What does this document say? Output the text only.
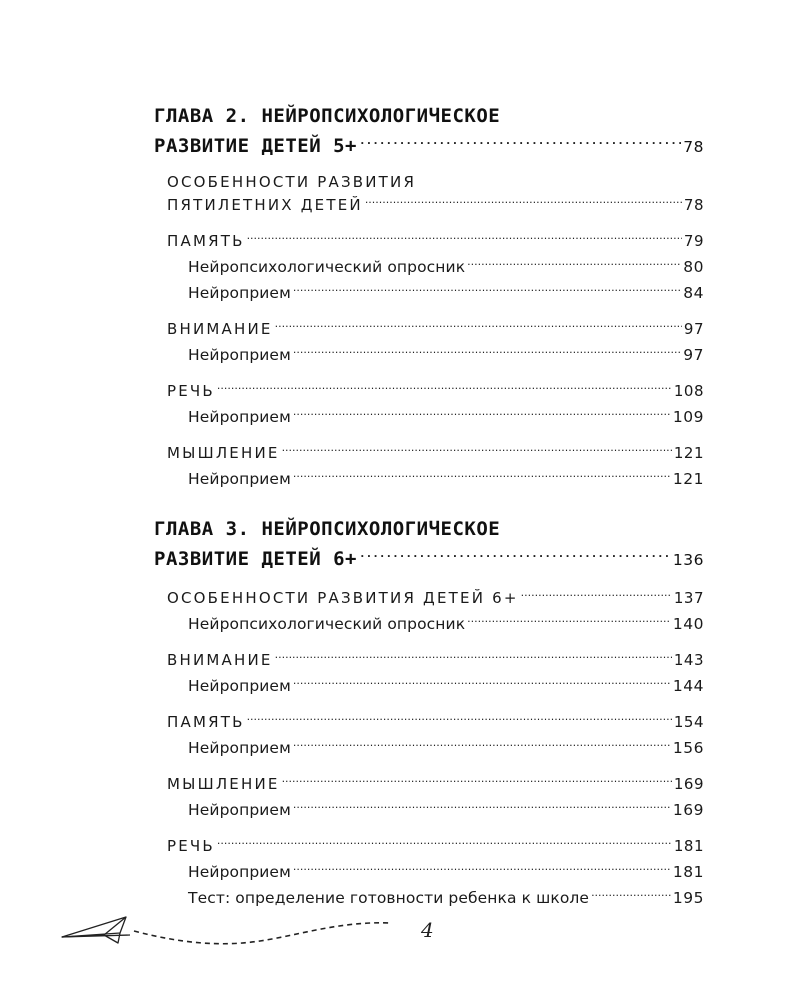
ГЛАВА 2. НЕЙРОПСИХОЛОГИЧЕСКОЕ
РАЗВИТИЕ ДЕТЕЙ 5+ .....	78
ОСОБЕННОСТИ РАЗВИТИЯ
ПЯТИЛЕТНИХ ДЕТЕЙ .....	78
ПАМЯТЬ .....	79
Нейропсихологический опросник .....	80
Нейроприем .....	84
ВНИМАНИЕ .....	97
Нейроприем .....	97
РЕЧЬ .....	108
Нейроприем .....	109
МЫШЛЕНИЕ .....	121
Нейроприем .....	121
ГЛАВА 3. НЕЙРОПСИХОЛОГИЧЕСКОЕ
РАЗВИТИЕ ДЕТЕЙ 6+ .....	136
ОСОБЕННОСТИ РАЗВИТИЯ ДЕТЕЙ 6+ .....	137
Нейропсихологический опросник .....	140
ВНИМАНИЕ .....	143
Нейроприем .....	144
ПАМЯТЬ .....	154
Нейроприем .....	156
МЫШЛЕНИЕ .....	169
Нейроприем .....	169
РЕЧЬ .....	181
Нейроприем .....	181
Тест: определение готовности ребенка к школе .....	195
4
